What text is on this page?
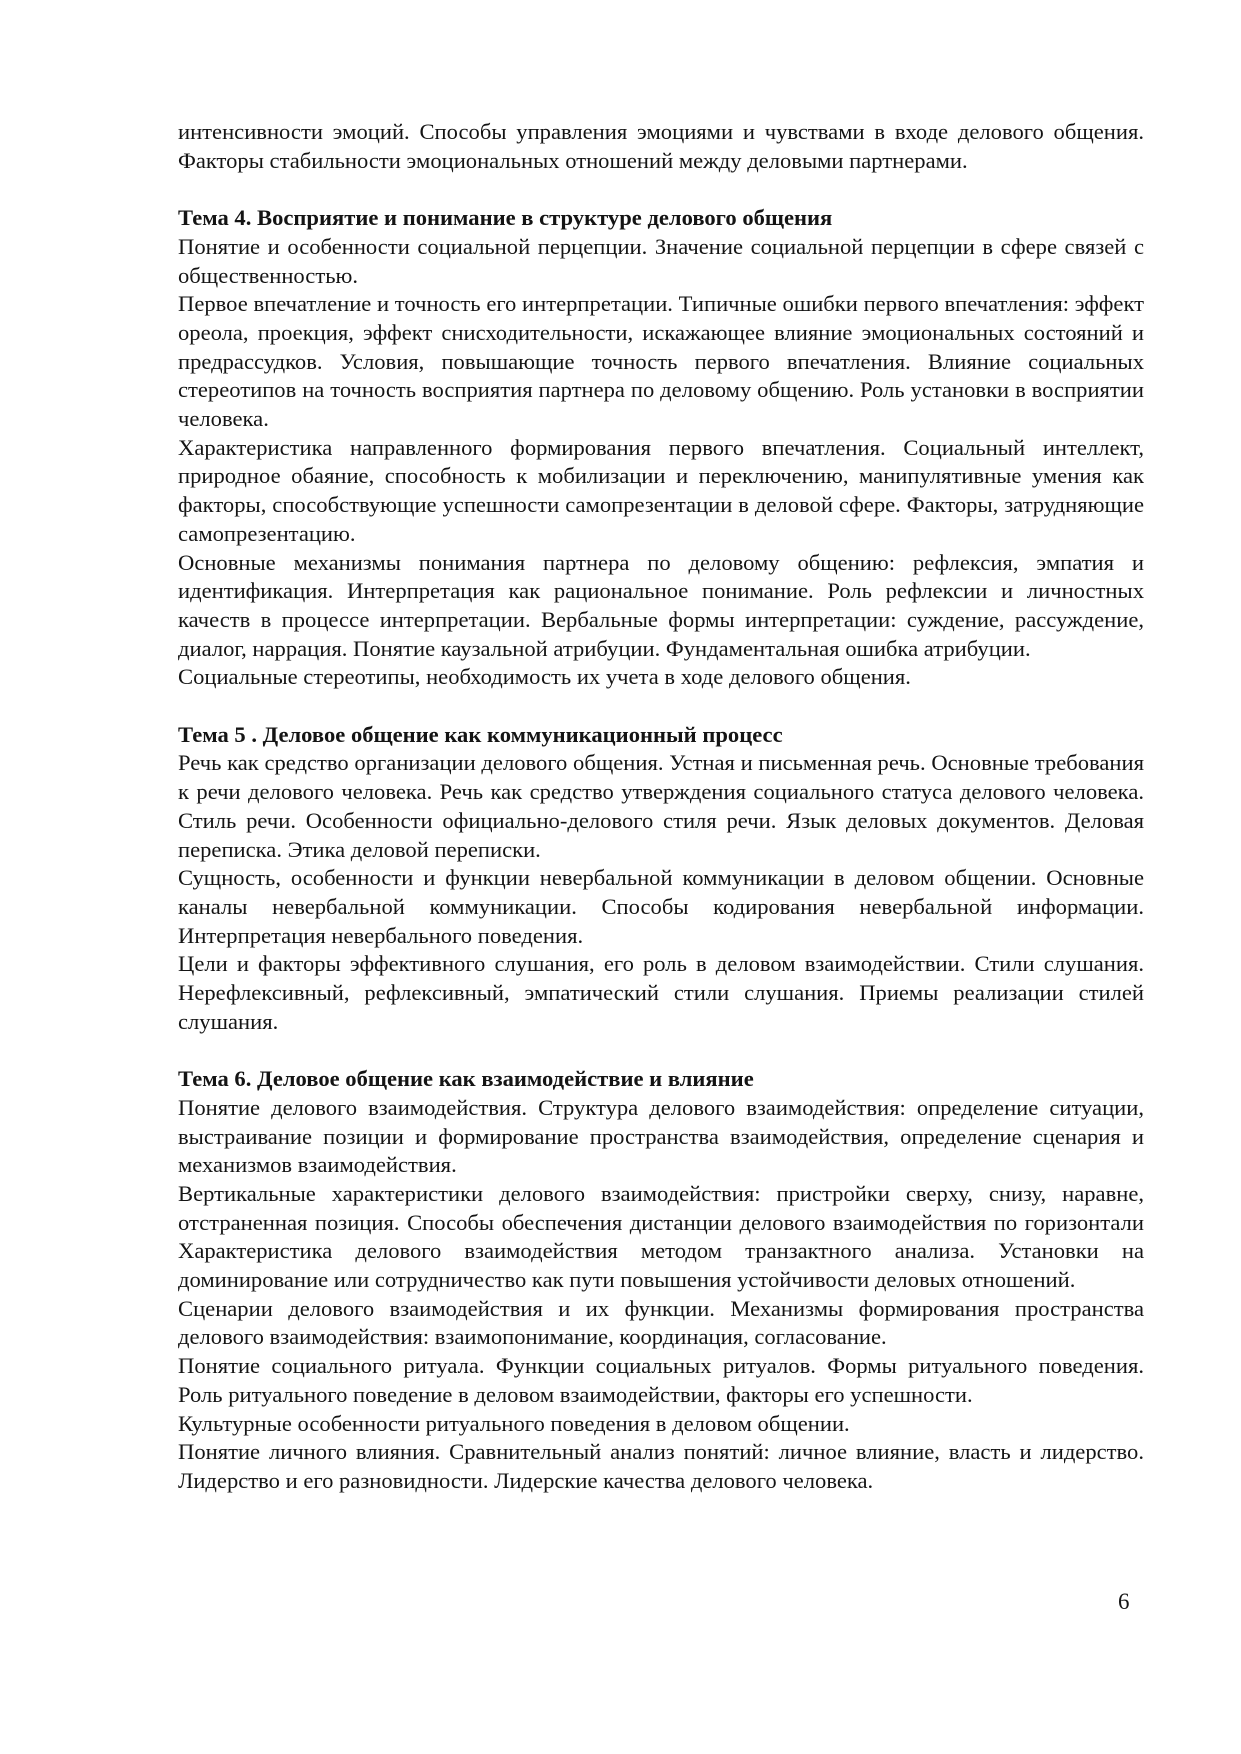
интенсивности эмоций. Способы управления эмоциями и чувствами в входе делового общения. Факторы стабильности эмоциональных отношений между деловыми партнерами.

Тема 4. Восприятие и понимание в структуре делового общения

Понятие и особенности социальной перцепции. Значение социальной перцепции в сфере связей с общественностью.

Первое впечатление и точность его интерпретации. Типичные ошибки первого впечатления: эффект ореола, проекция, эффект снисходительности, искажающее влияние эмоциональных состояний и предрассудков. Условия, повышающие точность первого впечатления. Влияние социальных стереотипов на точность восприятия партнера по деловому общению. Роль установки в восприятии человека.

Характеристика направленного формирования первого впечатления. Социальный интеллект, природное обаяние, способность к мобилизации и переключению, манипулятивные умения как факторы, способствующие успешности самопрезентации в деловой сфере. Факторы, затрудняющие самопрезентацию.

Основные механизмы понимания партнера по деловому общению: рефлексия, эмпатия и идентификация. Интерпретация как рациональное понимание. Роль рефлексии и личностных качеств в процессе интерпретации. Вербальные формы интерпретации: суждение, рассуждение, диалог, наррация. Понятие каузальной атрибуции. Фундаментальная ошибка атрибуции.

Социальные стереотипы, необходимость их учета в ходе делового общения.

Тема 5 . Деловое общение как коммуникационный процесс

Речь как средство организации делового общения. Устная и письменная речь. Основные требования к речи делового человека. Речь как средство утверждения социального статуса делового человека. Стиль речи. Особенности официально-делового стиля речи. Язык деловых документов. Деловая переписка. Этика деловой переписки.

Сущность, особенности и функции невербальной коммуникации в деловом общении. Основные каналы невербальной коммуникации. Способы кодирования невербальной информации. Интерпретация невербального поведения.

Цели и факторы эффективного слушания, его роль в деловом взаимодействии. Стили слушания. Нерефлексивный, рефлексивный, эмпатический стили слушания. Приемы реализации стилей слушания.

Тема 6. Деловое общение как взаимодействие и влияние

Понятие делового взаимодействия. Структура делового взаимодействия: определение ситуации, выстраивание позиции и формирование пространства взаимодействия, определение сценария и механизмов взаимодействия.

Вертикальные характеристики делового взаимодействия: пристройки сверху, снизу, наравне, отстраненная позиция. Способы обеспечения дистанции делового взаимодействия по горизонтали Характеристика делового взаимодействия методом транзактного анализа. Установки на доминирование или сотрудничество как пути повышения устойчивости деловых отношений.

Сценарии делового взаимодействия и их функции. Механизмы формирования пространства делового взаимодействия: взаимопонимание, координация, согласование.

Понятие социального ритуала. Функции социальных ритуалов. Формы ритуального поведения. Роль ритуального поведение в деловом взаимодействии, факторы его успешности.

Культурные особенности ритуального поведения в деловом общении.

Понятие личного влияния. Сравнительный анализ понятий: личное влияние, власть и лидерство. Лидерство и его разновидности. Лидерские качества делового человека.

6
